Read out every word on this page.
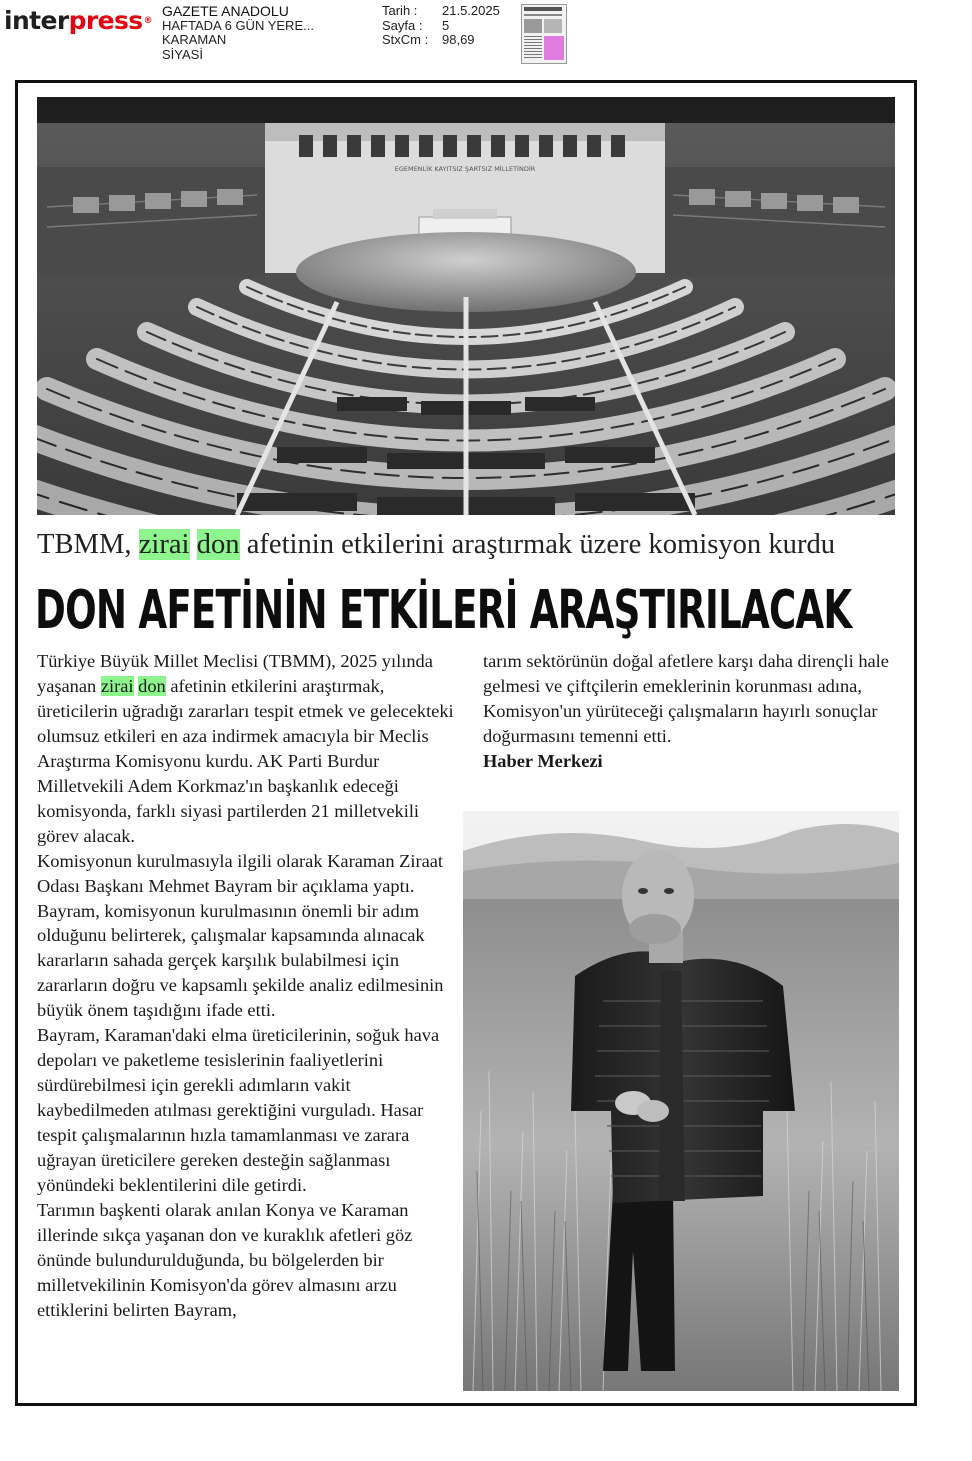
interpress®
GAZETE ANADOLU
HAFTADA 6 GÜN YERE...
KARAMAN
SİYASİ
Tarih :	21.5.2025
Sayfa :	5
StxCm :	98,69
EGEMENLİK KAYITSIZ ŞARTSIZ MİLLETİNDİR
TBMM, zirai don afetinin etkilerini araştırmak üzere komisyon kurdu
DON AFETİNİN ETKİLERİ ARAŞTIRILACAK

Türkiye Büyük Millet Meclisi (TBMM), 2025 yılında yaşanan zirai don afetinin etkilerini araştırmak, üreticilerin uğradığı zararları tespit etmek ve gelecekteki olumsuz etkileri en aza indirmek amacıyla bir Meclis Araştırma Komisyonu kurdu. AK Parti Burdur Milletvekili Adem Korkmaz'ın başkanlık edeceği komisyonda, farklı siyasi partilerden 21 milletvekili görev alacak.

Komisyonun kurulmasıyla ilgili olarak Karaman Ziraat Odası Başkanı Mehmet Bayram bir açıklama yaptı. Bayram, komisyonun kurulmasının önemli bir adım olduğunu belirterek, çalışmalar kapsamında alınacak kararların sahada gerçek karşılık bulabilmesi için zararların doğru ve kapsamlı şekilde analiz edilmesinin büyük önem taşıdığını ifade etti.

Bayram, Karaman'daki elma üreticilerinin, soğuk hava depoları ve paketleme tesislerinin faaliyetlerini sürdürebilmesi için gerekli adımların vakit kaybedilmeden atılması gerektiğini vurguladı. Hasar tespit çalışmalarının hızla tamamlanması ve zarara uğrayan üreticilere gereken desteğin sağlanması yönündeki beklentilerini dile getirdi.

Tarımın başkenti olarak anılan Konya ve Karaman illerinde sıkça yaşanan don ve kuraklık afetleri göz önünde bulundurulduğunda, bu bölgelerden bir milletvekilinin Komisyon'da görev almasını arzu ettiklerini belirten Bayram,

tarım sektörünün doğal afetlere karşı daha dirençli hale gelmesi ve çiftçilerin emeklerinin korunması adına, Komisyon'un yürüteceği çalışmaların hayırlı sonuçlar doğurmasını temenni etti.

Haber Merkezi
